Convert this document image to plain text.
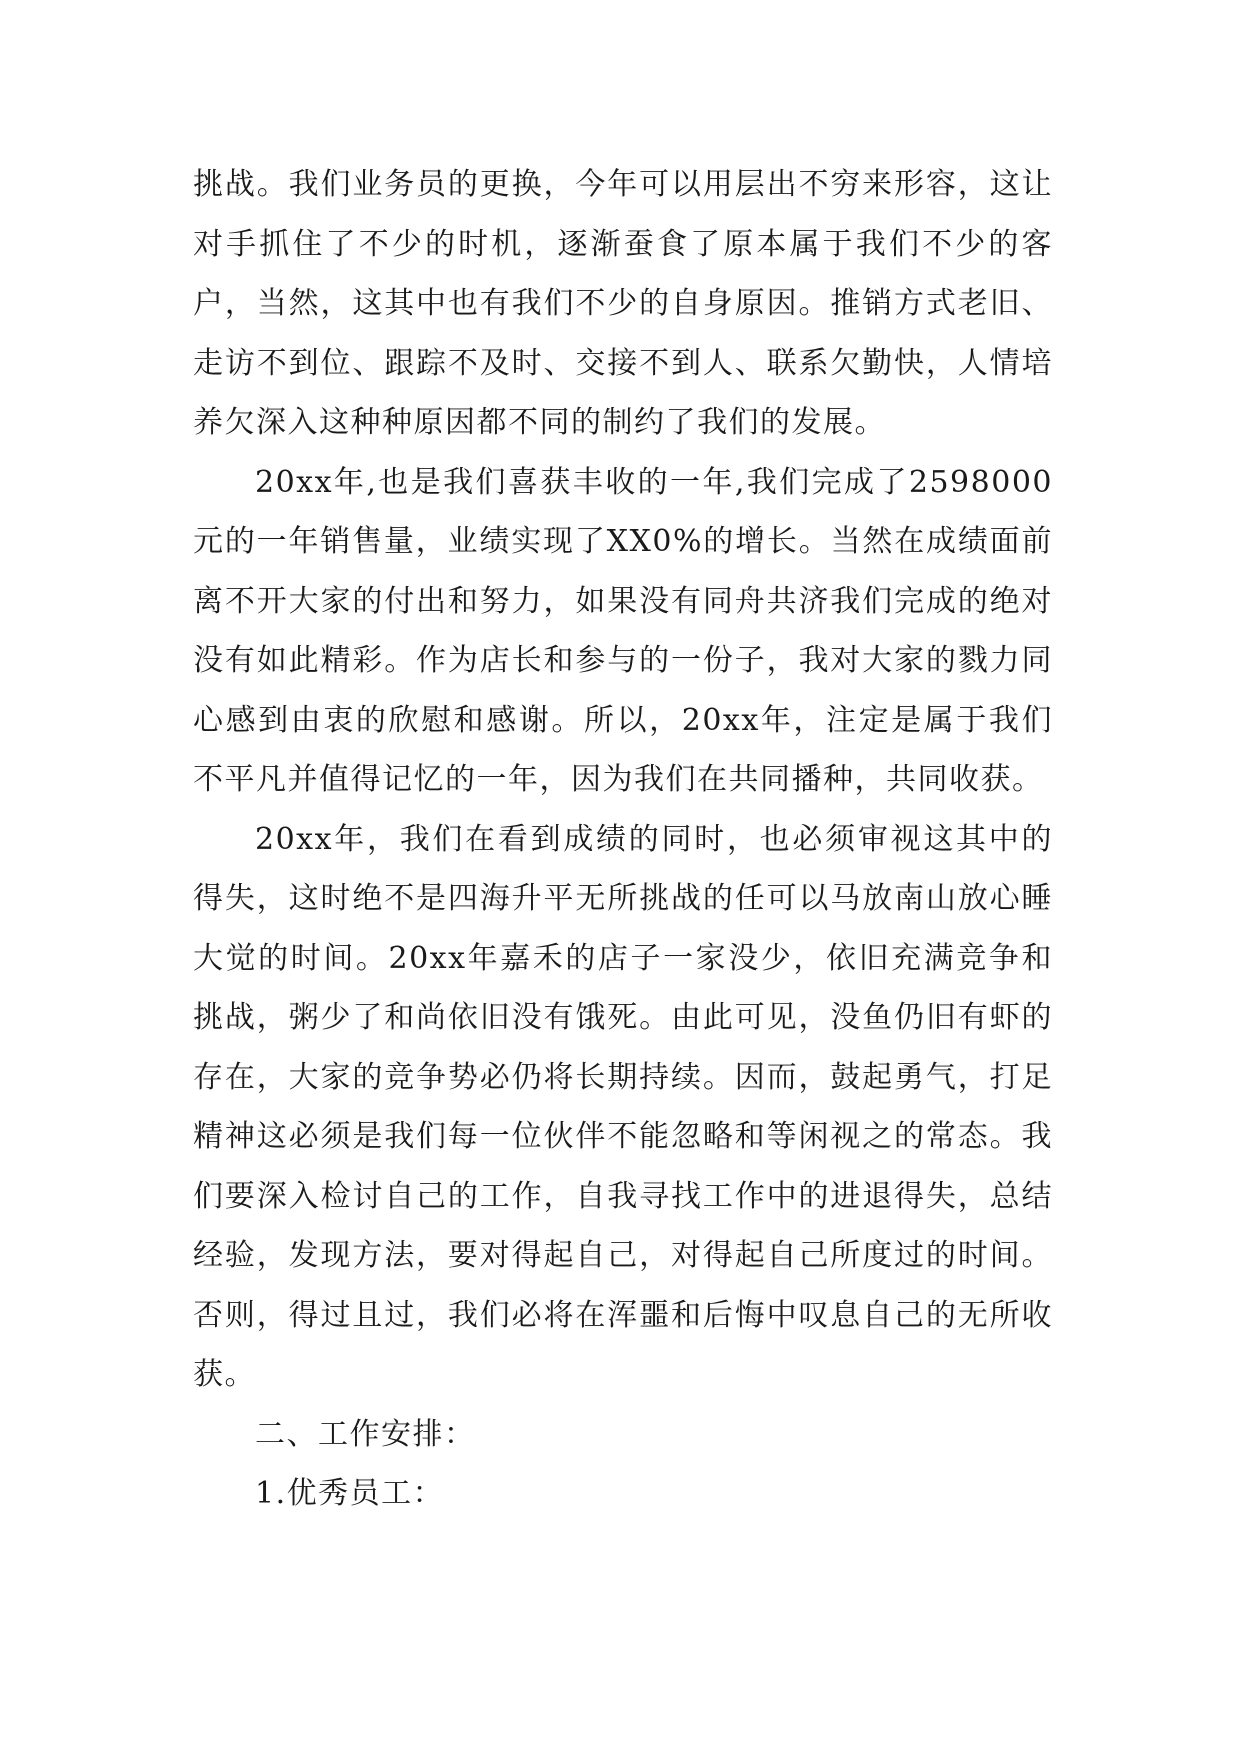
挑战。我们业务员的更换，今年可以用层出不穷来形容，这让对手抓住了不少的时机，逐渐蚕食了原本属于我们不少的客户，当然，这其中也有我们不少的自身原因。推销方式老旧、走访不到位、跟踪不及时、交接不到人、联系欠勤快，人情培养欠深入这种种原因都不同的制约了我们的发展。

20xx年,也是我们喜获丰收的一年,我们完成了2598000元的一年销售量，业绩实现了XX0%的增长。当然在成绩面前离不开大家的付出和努力，如果没有同舟共济我们完成的绝对没有如此精彩。作为店长和参与的一份子，我对大家的戮力同心感到由衷的欣慰和感谢。所以，20xx年，注定是属于我们不平凡并值得记忆的一年，因为我们在共同播种，共同收获。

20xx年，我们在看到成绩的同时，也必须审视这其中的得失，这时绝不是四海升平无所挑战的任可以马放南山放心睡大觉的时间。20xx年嘉禾的店子一家没少，依旧充满竞争和挑战，粥少了和尚依旧没有饿死。由此可见，没鱼仍旧有虾的存在，大家的竞争势必仍将长期持续。因而，鼓起勇气，打足精神这必须是我们每一位伙伴不能忽略和等闲视之的常态。我们要深入检讨自己的工作，自我寻找工作中的进退得失，总结经验，发现方法，要对得起自己，对得起自己所度过的时间。否则，得过且过，我们必将在浑噩和后悔中叹息自己的无所收获。

二、工作安排：

1.优秀员工：
